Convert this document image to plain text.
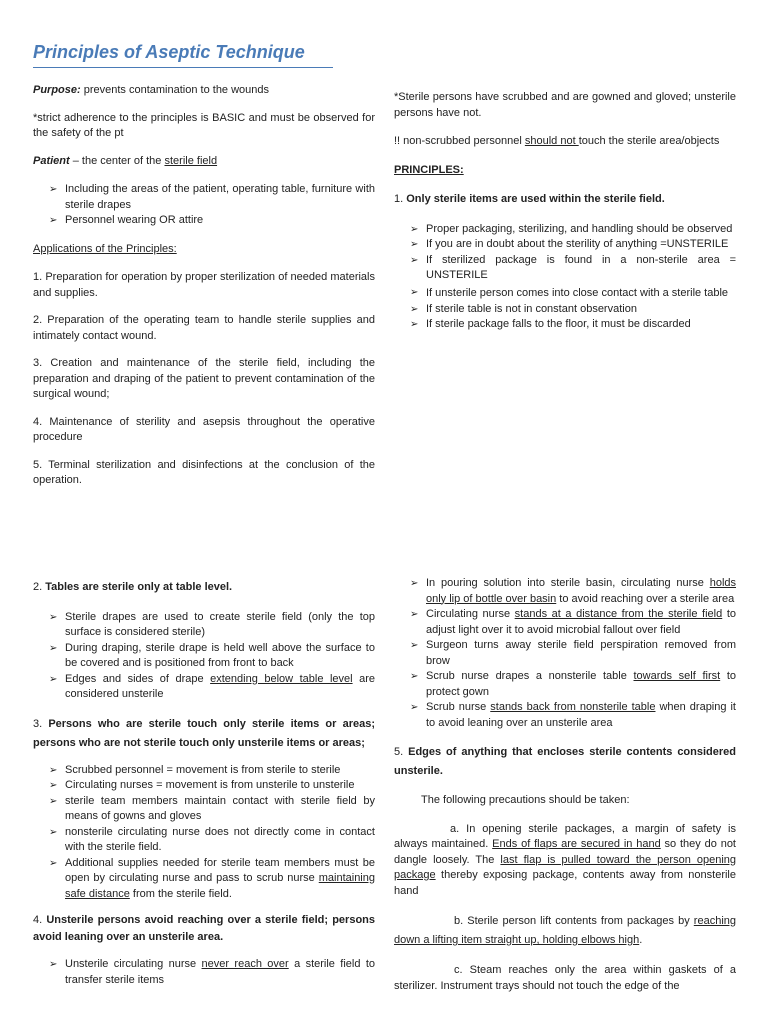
Principles of Aseptic Technique

Purpose: prevents contamination to the wounds

*strict adherence to the principles is BASIC and must be observed for the safety of the pt

Patient – the center of the sterile field

➢ Including the areas of the patient, operating table, furniture with sterile drapes
➢ Personnel wearing OR attire

Applications of the Principles:

1. Preparation for operation by proper sterilization of needed materials and supplies.

2. Preparation of the operating team to handle sterile supplies and intimately contact wound.

3. Creation and maintenance of the sterile field, including the preparation and draping of the patient to prevent contamination of the surgical wound;

4. Maintenance of sterility and asepsis throughout the operative procedure

5. Terminal sterilization and disinfections at the conclusion of the operation.

*Sterile persons have scrubbed and are gowned and gloved; unsterile persons have not.

!! non-scrubbed personnel should not touch the sterile area/objects

PRINCIPLES:

1. Only sterile items are used within the sterile field.

➢ Proper packaging, sterilizing, and handling should be observed
➢ If you are in doubt about the sterility of anything =UNSTERILE
➢ If sterilized package is found in a non-sterile area = UNSTERILE
➢ If unsterile person comes into close contact with a sterile table
➢ If sterile table is not in constant observation
➢ If sterile package falls to the floor, it must be discarded

2. Tables are sterile only at table level.

➢ Sterile drapes are used to create sterile field (only the top surface is considered sterile)
➢ During draping, sterile drape is held well above the surface to be covered and is positioned from front to back
➢ Edges and sides of drape extending below table level are considered unsterile

3. Persons who are sterile touch only sterile items or areas; persons who are not sterile touch only unsterile items or areas;

➢ Scrubbed personnel = movement is from sterile to sterile
➢ Circulating nurses = movement is from unsterile to unsterile
➢ sterile team members maintain contact with sterile field by means of gowns and gloves
➢ nonsterile circulating nurse does not directly come in contact with the sterile field.
➢ Additional supplies needed for sterile team members must be open by circulating nurse and pass to scrub nurse maintaining safe distance from the sterile field.

4. Unsterile persons avoid reaching over a sterile field; persons avoid leaning over an unsterile area.

➢ Unsterile circulating nurse never reach over a sterile field to transfer sterile items
➢ In pouring solution into sterile basin, circulating nurse holds only lip of bottle over basin to avoid reaching over a sterile area
➢ Circulating nurse stands at a distance from the sterile field to adjust light over it to avoid microbial fallout over field
➢ Surgeon turns away sterile field perspiration removed from brow
➢ Scrub nurse drapes a nonsterile table towards self first to protect gown
➢ Scrub nurse stands back from nonsterile table when draping it to avoid leaning over an unsterile area

5. Edges of anything that encloses sterile contents considered unsterile.

The following precautions should be taken:

a. In opening sterile packages, a margin of safety is always maintained. Ends of flaps are secured in hand so they do not dangle loosely. The last flap is pulled toward the person opening package thereby exposing package, contents away from nonsterile hand

b. Sterile person lift contents from packages by reaching down a lifting item straight up, holding elbows high.

c. Steam reaches only the area within gaskets of a sterilizer. Instrument trays should not touch the edge of the
